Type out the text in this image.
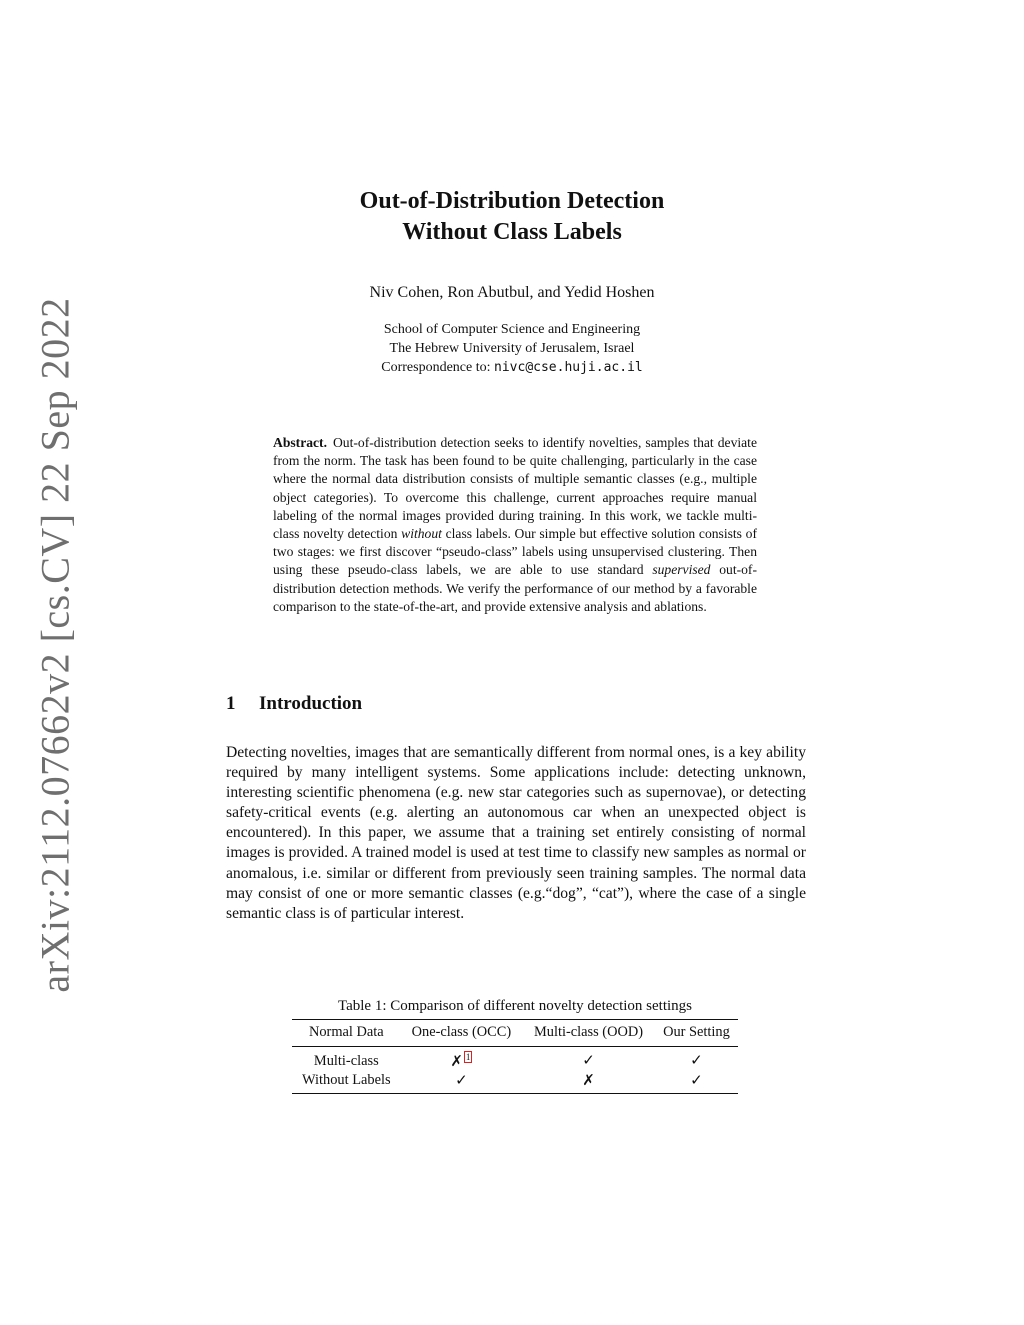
arXiv:2112.07662v2 [cs.CV] 22 Sep 2022
Out-of-Distribution Detection
Without Class Labels
Niv Cohen, Ron Abutbul, and Yedid Hoshen
School of Computer Science and Engineering
The Hebrew University of Jerusalem, Israel
Correspondence to: nivc@cse.huji.ac.il
Abstract. Out-of-distribution detection seeks to identify novelties, samples that deviate from the norm. The task has been found to be quite challenging, particularly in the case where the normal data distribution consists of multiple semantic classes (e.g., multiple object categories). To overcome this challenge, current approaches require manual labeling of the normal images provided during training. In this work, we tackle multi-class novelty detection without class labels. Our simple but effective solution consists of two stages: we first discover “pseudo-class” labels using unsupervised clustering. Then using these pseudo-class labels, we are able to use standard supervised out-of-distribution detection methods. We verify the performance of our method by a favorable comparison to the state-of-the-art, and provide extensive analysis and ablations.
1 Introduction
Detecting novelties, images that are semantically different from normal ones, is a key ability required by many intelligent systems. Some applications include: detecting unknown, interesting scientific phenomena (e.g. new star categories such as supernovae), or detecting safety-critical events (e.g. alerting an autonomous car when an unexpected object is encountered). In this paper, we assume that a training set entirely consisting of normal images is provided. A trained model is used at test time to classify new samples as normal or anomalous, i.e. similar or different from previously seen training samples. The normal data may consist of one or more semantic classes (e.g.“dog”, “cat”), where the case of a single semantic class is of particular interest.
Table 1: Comparison of different novelty detection settings
Normal Data	One-class (OCC)	Multi-class (OOD)	Our Setting
Multi-class	✗ 1	✓	✓
Without Labels	✓	✗	✓
